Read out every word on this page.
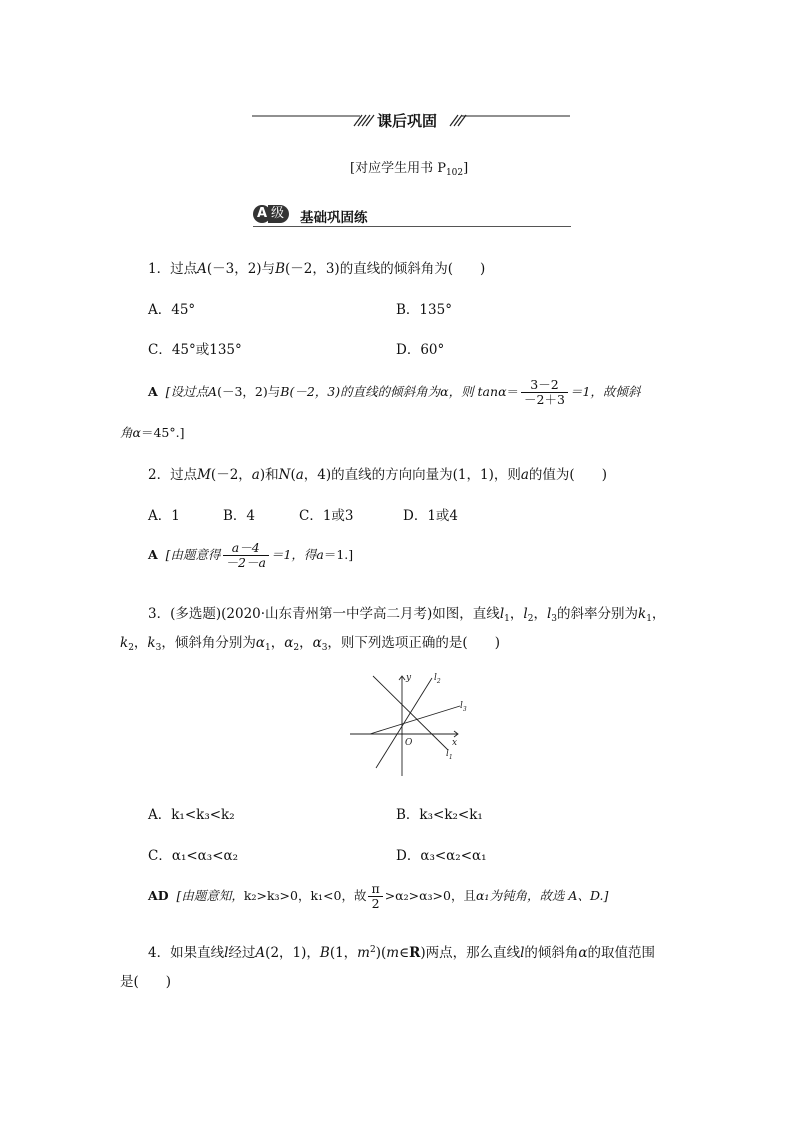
课后巩固
[对应学生用书 $P_{102}$]
A 级	基础巩固练
1．过点A(－3，2)与B(－2，3)的直线的倾斜角为(　　)
A．45°	B．135°
C．45°或135°	D．60°
A [设过点A(－3，2)与B(－2，3)的直线的倾斜角为α，则 $\tan\alpha= \frac{3-2}{-2+3} =1$，故倾斜
角α＝45°.]
2．过点M(－2，a)和N(a，4)的直线的方向向量为(1，1)，则a的值为(　　)
A．1	B．4	C．1或3	D．1或4
A [由题意得 $\frac{a-4}{-2-a} =1$，得a＝1.]
3．(多选题)(2020·山东青州第一中学高二月考)如图，直线$l_1$，$l_2$，$l_3$的斜率分别为$k_1$，
$k_2$，$k_3$，倾斜角分别为$\alpha_1$，$\alpha_2$，$\alpha_3$，则下列选项正确的是(　　)
y
x
O
$l_2$
$l_3$
$l_1$
A．k₁<k₃<k₂	B．k₃<k₂<k₁
C．α₁<α₃<α₂	D．α₃<α₂<α₁
AD [由题意知，k₂>k₃>0，k₁<0，故 $\frac{\pi}{2} >\alpha_2>\alpha_3>0$，且α₁为钝角，故选 A、D.]
4．如果直线l经过A(2，1)，B(1，$m^2)(m\in R)$两点，那么直线l的倾斜角α的取值范围
是(　　)
